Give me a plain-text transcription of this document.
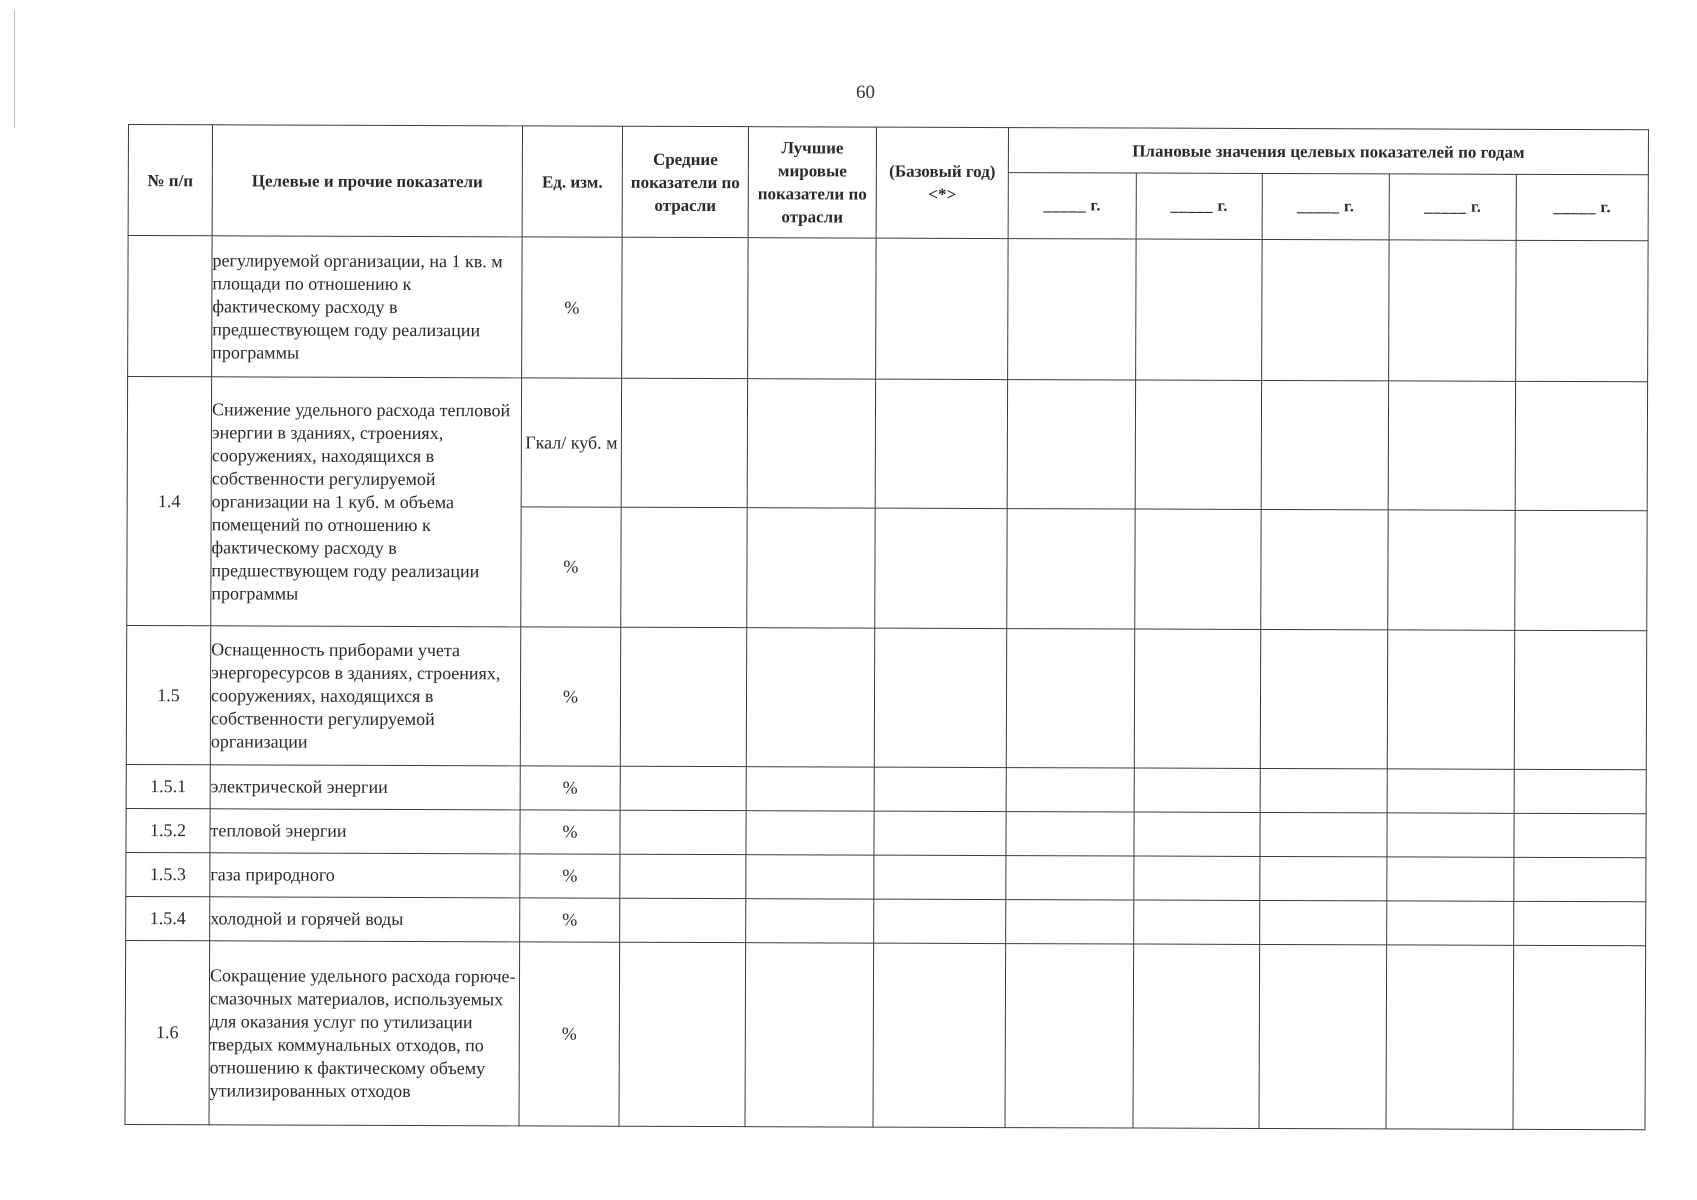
60
№ п/п	Целевые и прочие показатели	Ед. изм.	Средние показатели по отрасли	Лучшие мировые показатели по отрасли	(Базовый год) <*>	Плановые значения целевых показателей по годам				
						_____ г.	_____ г.	_____ г.	_____ г.	_____ г.
	регулируемой организации, на 1 кв. м площади по отношению к фактическому расходу в предшествующем году реализации программы	%								
1.4	Снижение удельного расхода тепловой энергии в зданиях, строениях, сооружениях, находящихся в собственности регулируемой организации на 1 куб. м объема помещений по отношению к фактическому расходу в предшествующем году реализации программы	Гкал/ куб. м								
		%								
1.5	Оснащенность приборами учета энергоресурсов в зданиях, строениях, сооружениях, находящихся в собственности регулируемой организации	%								
1.5.1	электрической энергии	%								
1.5.2	тепловой энергии	%								
1.5.3	газа природного	%								
1.5.4	холодной и горячей воды	%								
1.6	Сокращение удельного расхода горюче-смазочных материалов, используемых для оказания услуг по утилизации твердых коммунальных отходов, по отношению к фактическому объему утилизированных отходов	%								
